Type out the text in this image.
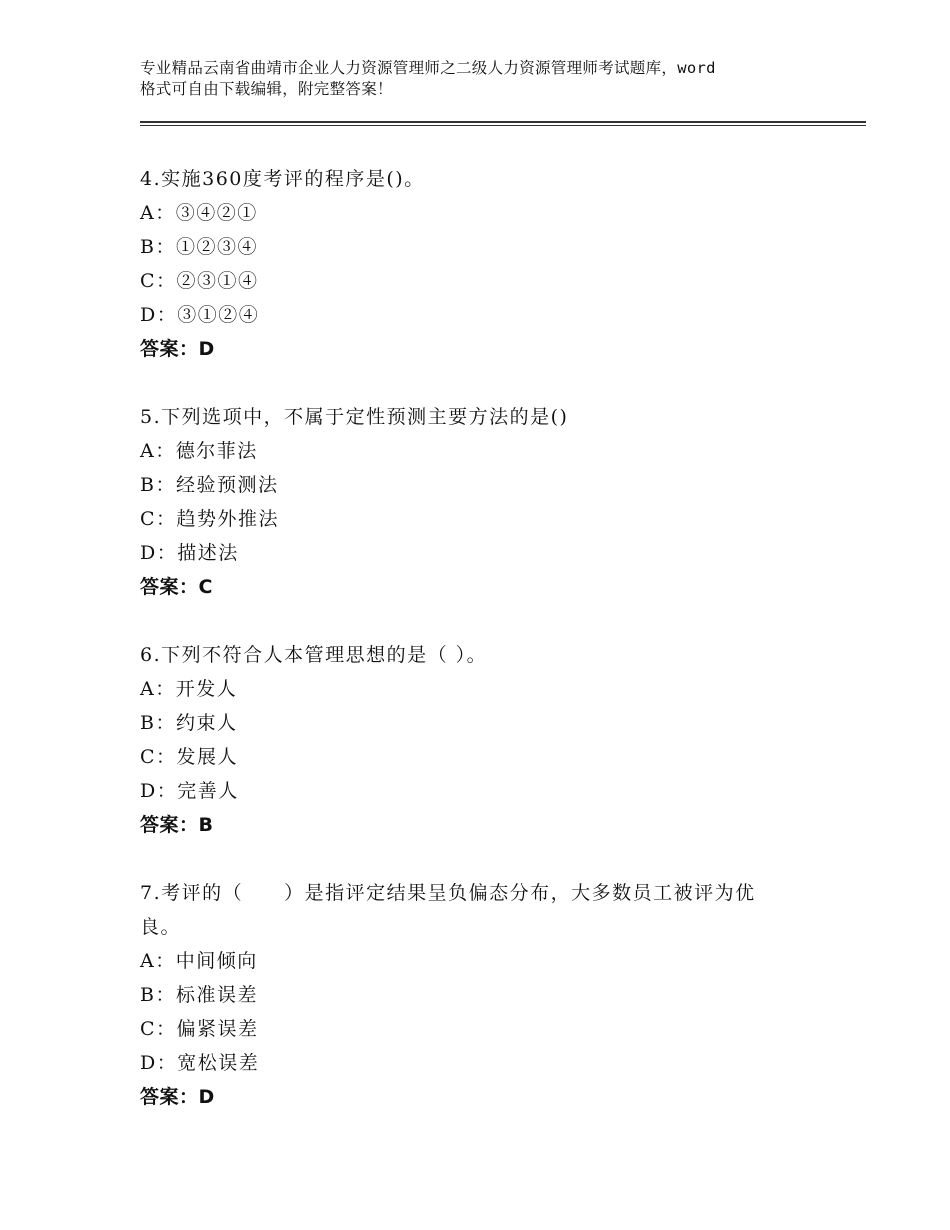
专业精品云南省曲靖市企业人力资源管理师之二级人力资源管理师考试题库，word
格式可自由下载编辑，附完整答案！
4.实施360度考评的程序是()。
A：③④②①
B：①②③④
C：②③①④
D：③①②④
答案：D
5.下列选项中，不属于定性预测主要方法的是()
A：德尔菲法
B：经验预测法
C：趋势外推法
D：描述法
答案：C
6.下列不符合人本管理思想的是（ ）。
A：开发人
B：约束人
C：发展人
D：完善人
答案：B
7.考评的（　　）是指评定结果呈负偏态分布，大多数员工被评为优
良。
A：中间倾向
B：标准误差
C：偏紧误差
D：宽松误差
答案：D
